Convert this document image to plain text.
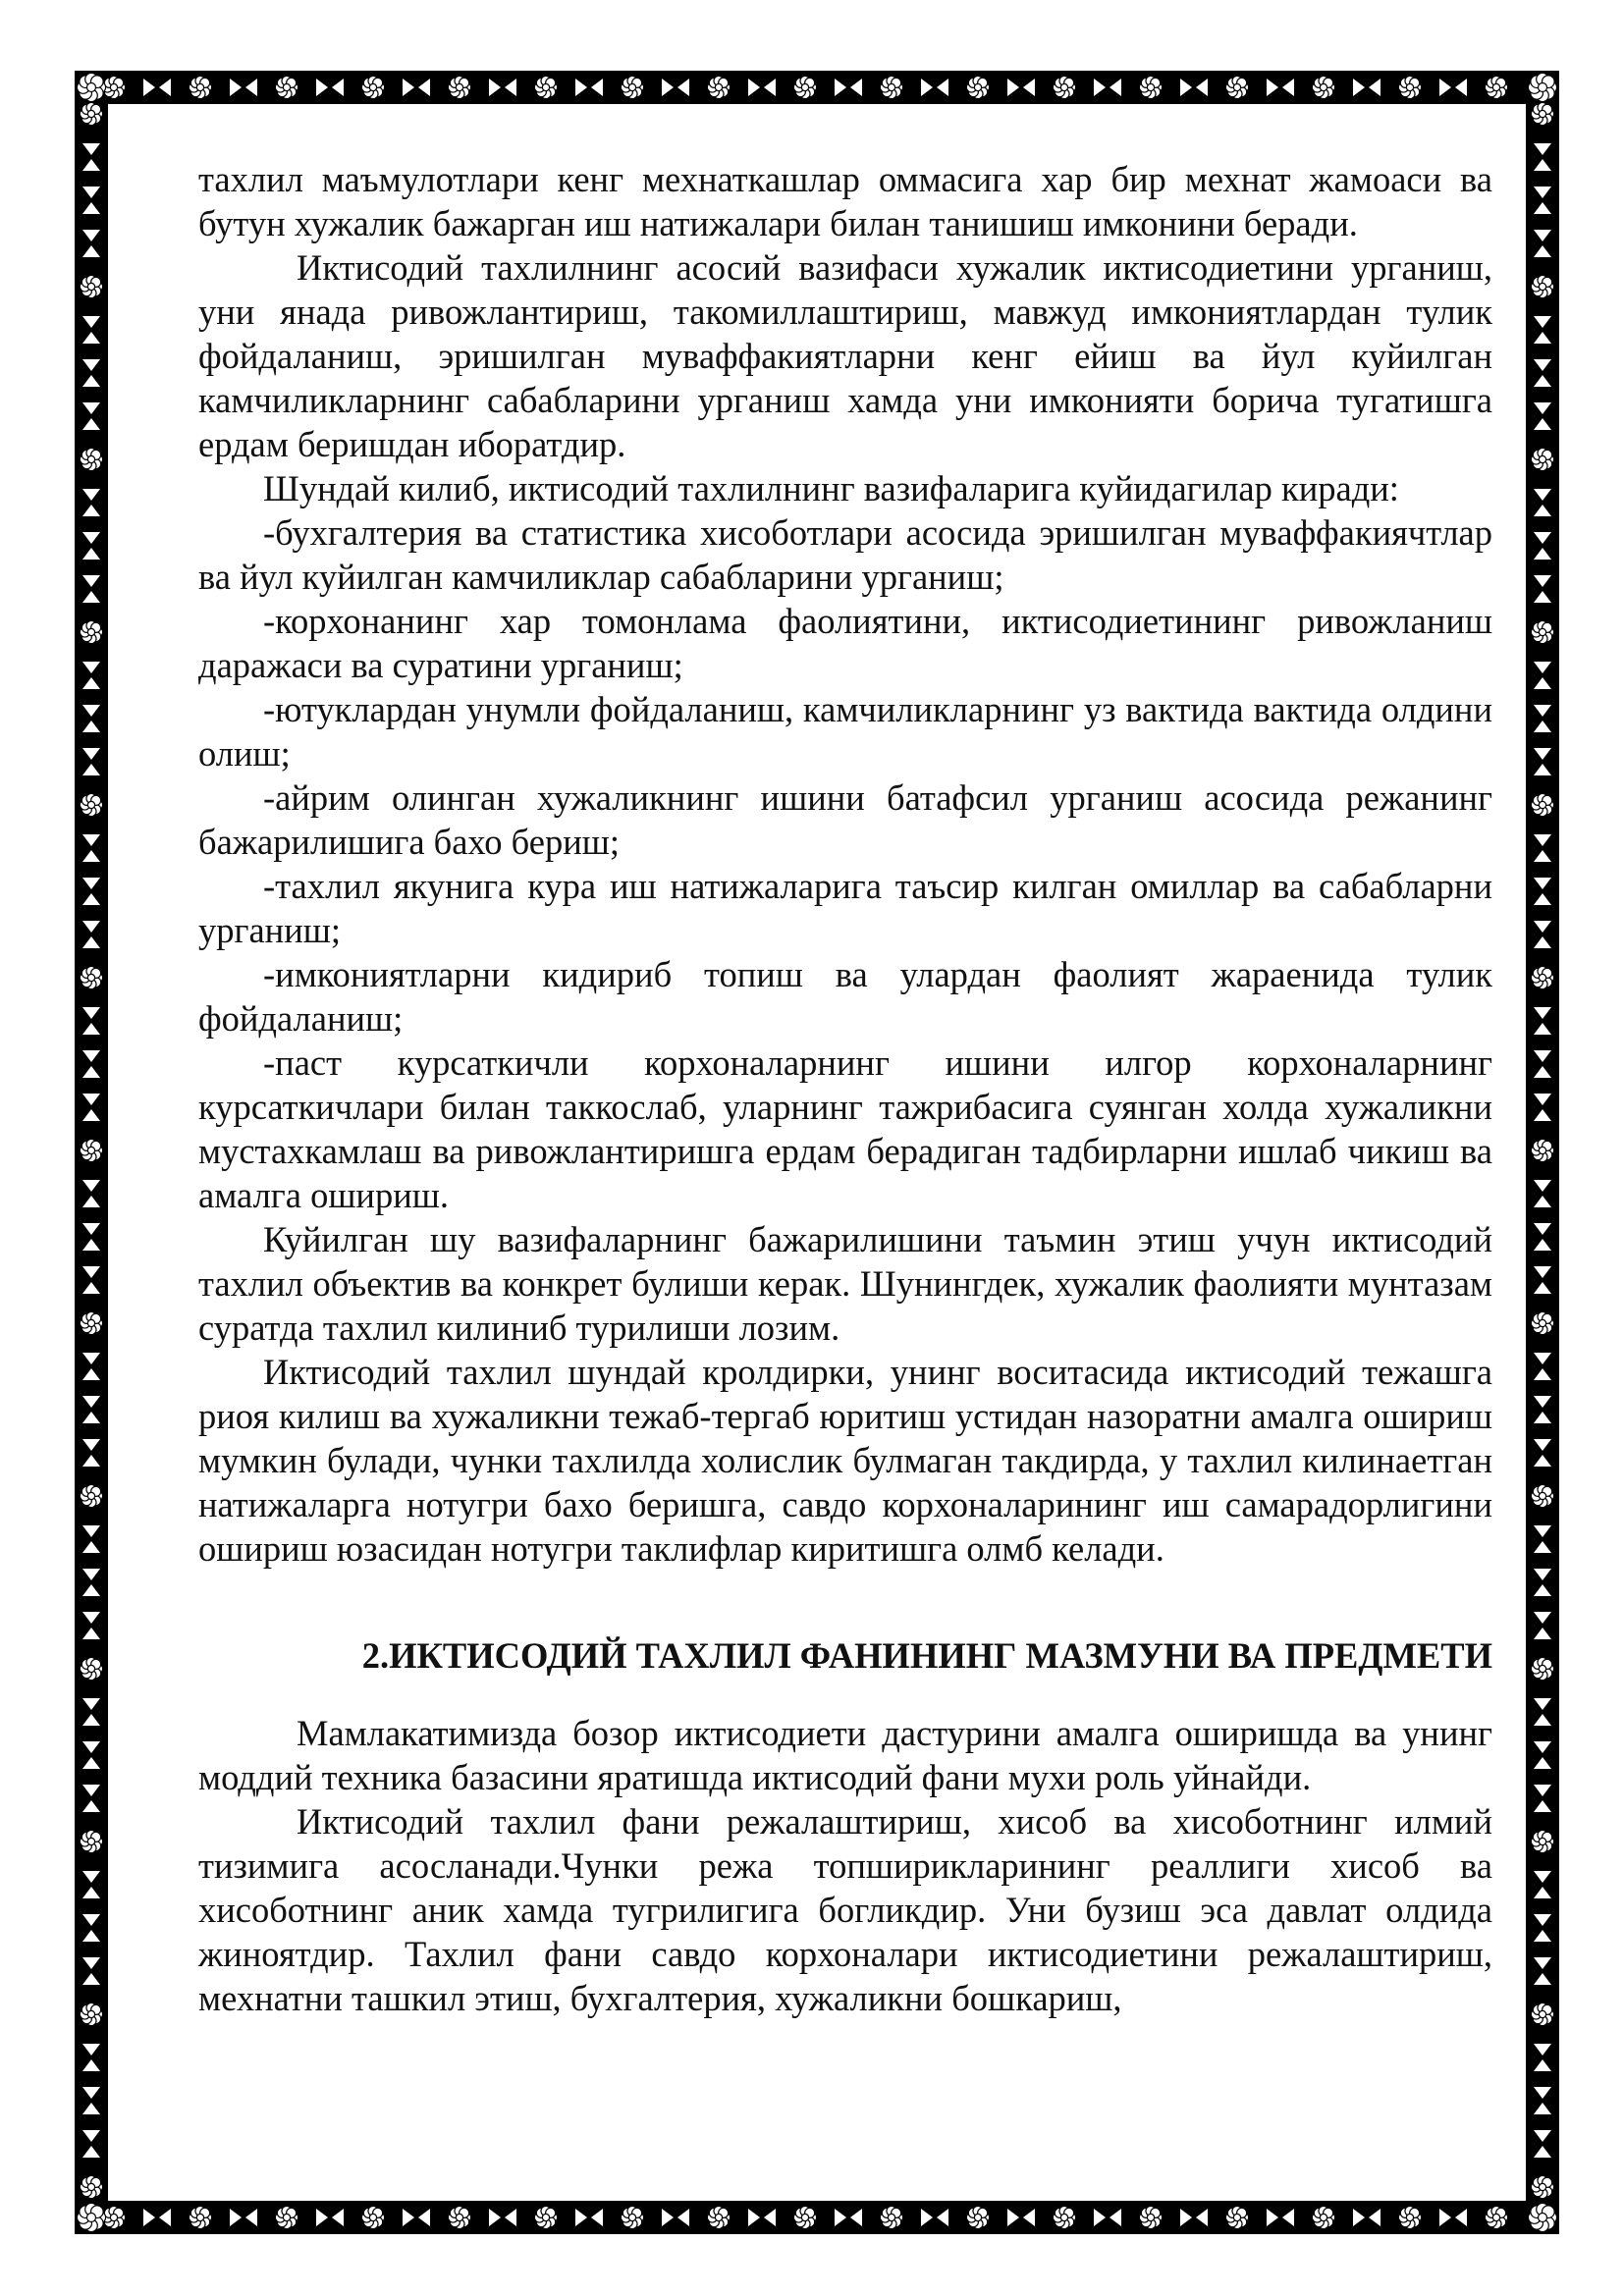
тахлил маъмулотлари кенг мехнаткашлар оммасига хар бир мехнат жамоаси ва бутун хужалик бажарган иш натижалари билан танишиш имконини беради.

Иктисодий тахлилнинг асосий вазифаси хужалик иктисодиетини урганиш, уни янада ривожлантириш, такомиллаштириш, мавжуд имкониятлардан тулик фойдаланиш, эришилган муваффакиятларни кенг ейиш ва йул куйилган камчиликларнинг сабабларини урганиш хамда уни имконияти борича тугатишга ердам беришдан иборатдир.

Шундай килиб, иктисодий тахлилнинг вазифаларига куйидагилар киради:

-бухгалтерия ва статистика хисоботлари асосида эришилган муваффакиячтлар ва йул куйилган камчиликлар сабабларини урганиш;

-корхонанинг хар томонлама фаолиятини, иктисодиетининг ривожланиш даражаси ва суратини урганиш;

-ютуклардан унумли фойдаланиш, камчиликларнинг уз вактида вактида олдини олиш;

-айрим олинган хужаликнинг ишини батафсил урганиш асосида режанинг бажарилишига бахо бериш;

-тахлил якунига кура иш натижаларига таъсир килган омиллар ва сабабларни урганиш;

-имкониятларни кидириб топиш ва улардан фаолият жараенида тулик фойдаланиш;

-паст курсаткичли корхоналарнинг ишини илгор корхоналарнинг курсаткичлари билан таккослаб, уларнинг тажрибасига суянган холда хужаликни мустахкамлаш ва ривожлантиришга ердам берадиган тадбирларни ишлаб чикиш ва амалга ошириш.

Куйилган шу вазифаларнинг бажарилишини таъмин этиш учун иктисодий тахлил объектив ва конкрет булиши керак. Шунингдек, хужалик фаолияти мунтазам суратда тахлил килиниб турилиши лозим.

Иктисодий тахлил шундай кролдирки, унинг воситасида иктисодий тежашга риоя килиш ва хужаликни тежаб-тергаб юритиш устидан назоратни амалга ошириш мумкин булади, чунки тахлилда холислик булмаган такдирда, у тахлил килинаетган натижаларга нотугри бахо беришга, савдо корхоналарининг иш самарадорлигини ошириш юзасидан нотугри таклифлар киритишга олмб келади.

2.ИКТИСОДИЙ ТАХЛИЛ ФАНИНИНГ МАЗМУНИ ВА ПРЕДМЕТИ

Мамлакатимизда бозор иктисодиети дастурини амалга оширишда ва унинг моддий техника базасини яратишда иктисодий фани мухи роль уйнайди.

Иктисодий тахлил фани режалаштириш, хисоб ва хисоботнинг илмий тизимига асосланади.Чунки режа топширикларининг реаллиги хисоб ва хисоботнинг аник хамда тугрилигига богликдир. Уни бузиш эса давлат олдида жиноятдир. Тахлил фани савдо корхоналари иктисодиетини режалаштириш, мехнатни ташкил этиш, бухгалтерия, хужаликни бошкариш,
